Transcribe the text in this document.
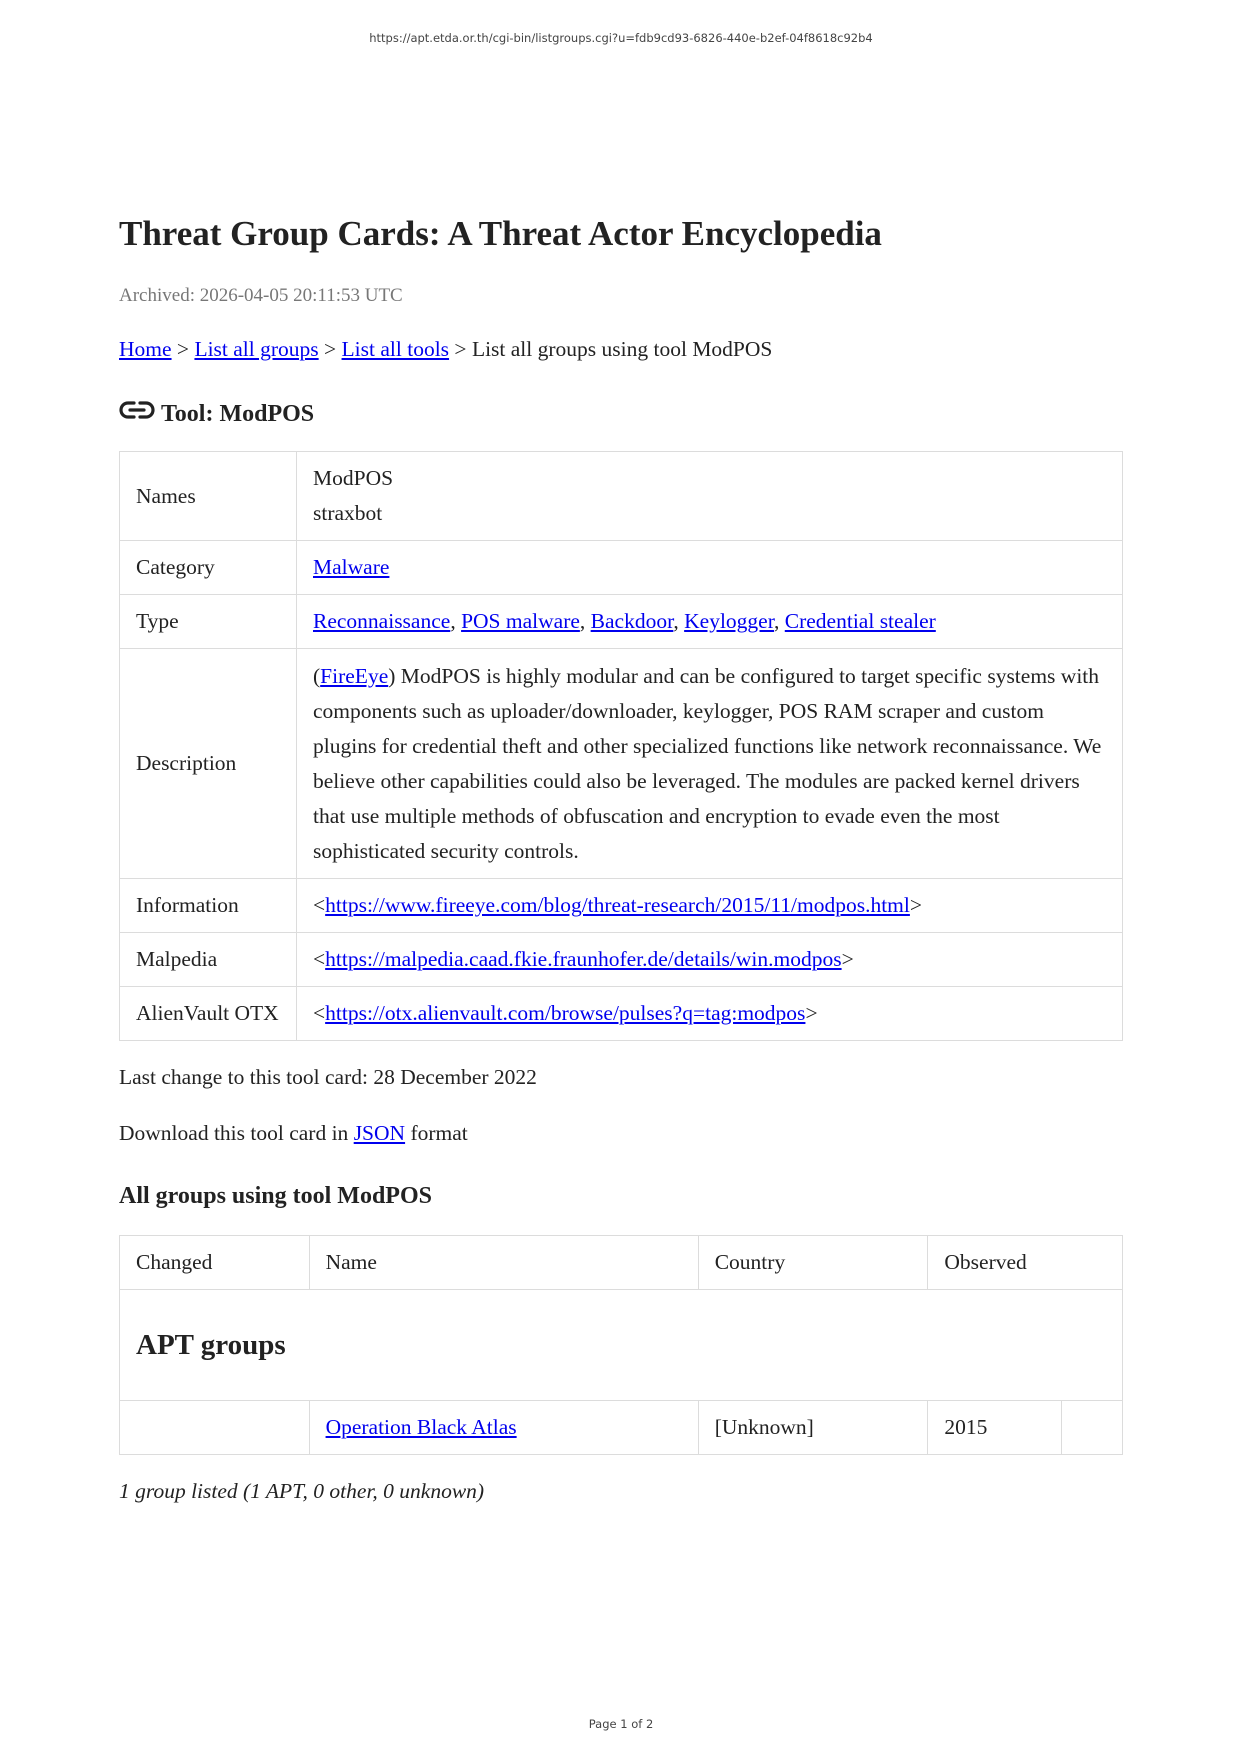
https://apt.etda.or.th/cgi-bin/listgroups.cgi?u=fdb9cd93-6826-440e-b2ef-04f8618c92b4
Threat Group Cards: A Threat Actor Encyclopedia
Archived: 2026-04-05 20:11:53 UTC
Home > List all groups > List all tools > List all groups using tool ModPOS
Tool: ModPOS
Names	ModPOS
straxbot

Category	Malware
Type	Reconnaissance, POS malware, Backdoor, Keylogger, Credential stealer
Description	(FireEye) ModPOS is highly modular and can be configured to target specific systems with components such as uploader/downloader, keylogger, POS RAM scraper and custom plugins for credential theft and other specialized functions like network reconnaissance. We believe other capabilities could also be leveraged. The modules are packed kernel drivers that use multiple methods of obfuscation and encryption to evade even the most sophisticated security controls.
Information	<https://www.fireeye.com/blog/threat-research/2015/11/modpos.html>
Malpedia	<https://malpedia.caad.fkie.fraunhofer.de/details/win.modpos>
AlienVault OTX	<https://otx.alienvault.com/browse/pulses?q=tag:modpos>
Last change to this tool card: 28 December 2022
Download this tool card in JSON format
All groups using tool ModPOS
Changed	Name	Country	Observed	
APT groups				
	Operation Black Atlas	[Unknown]	2015	
1 group listed (1 APT, 0 other, 0 unknown)
Page 1 of 2
